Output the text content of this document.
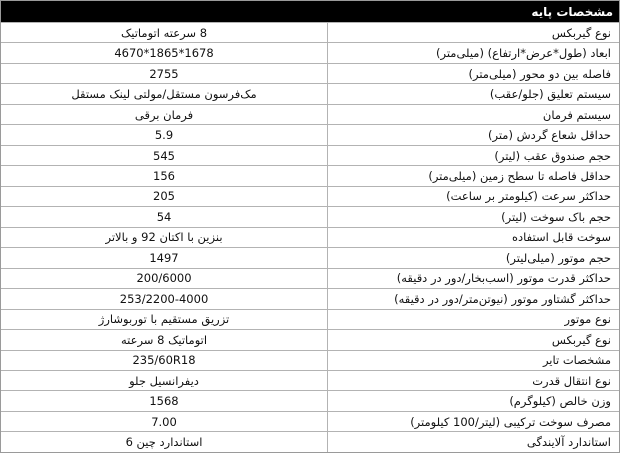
مشخصات پایه
8 سرعته اتوماتیک	نوع گیربکس
4670*1865*1678	ابعاد (طول*عرض*ارتفاع) (میلی‌متر)
2755	فاصله بین دو محور (میلی‌متر)
مک‌فرسون مستقل/مولتی لینک مستقل	سیستم تعلیق (جلو/عقب)
فرمان برقی	سیستم فرمان
5.9	حداقل شعاع گردش (متر)
545	حجم صندوق عقب (لیتر)
156	حداقل فاصله تا سطح زمین (میلی‌متر)
205	حداکثر سرعت (کیلومتر بر ساعت)
54	حجم باک سوخت (لیتر)
بنزین با اکتان 92 و بالاتر	سوخت قابل استفاده
1497	حجم موتور (میلی‌لیتر)
200/6000	حداکثر قدرت موتور (اسب‌بخار/دور در دقیقه)
253/2200-4000	حداکثر گشتاور موتور (نیوتن‌متر/دور در دقیقه)
تزریق مستقیم با توربوشارژ	نوع موتور
اتوماتیک 8 سرعته	نوع گیربکس
235/60R18	مشخصات تایر
دیفرانسیل جلو	نوع انتقال قدرت
1568	وزن خالص (کیلوگرم)
7.00	مصرف سوخت ترکیبی (لیتر/100 کیلومتر)
استاندارد چین 6	استاندارد آلایندگی
